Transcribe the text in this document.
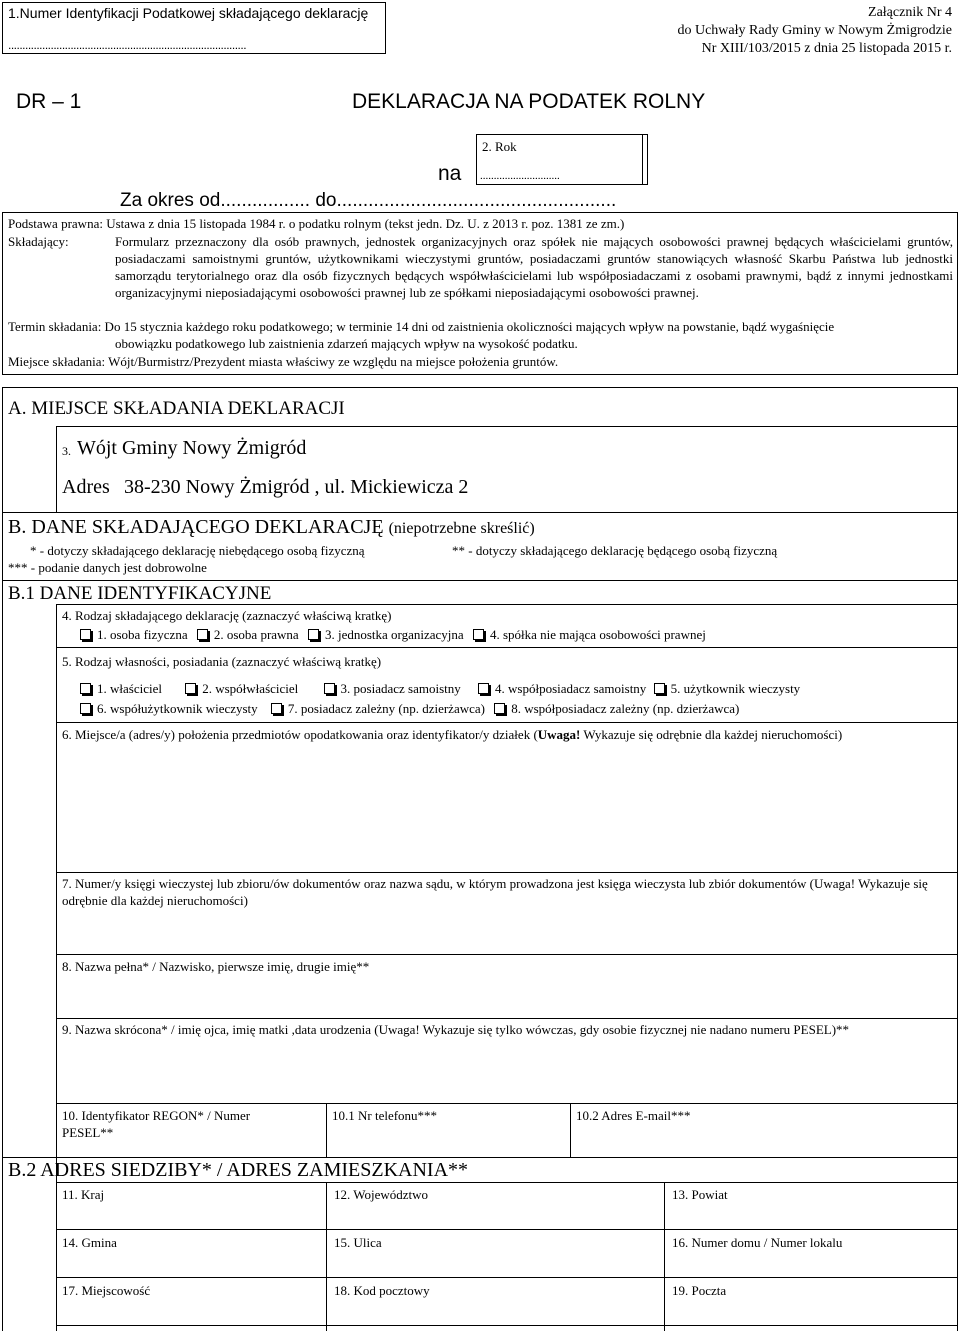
1.Numer Identyfikacji Podatkowej składającego deklarację
....................................................................................
Załącznik Nr 4
do Uchwały Rady Gminy w Nowym Żmigrodzie
Nr XIII/103/2015 z dnia 25 listopada 2015 r.
DR – 1	DEKLARACJA NA PODATEK ROLNY
2. Rok
.............................
na
Za okres od................. do.....................................................
Podstawa prawna: Ustawa z dnia 15 listopada 1984 r. o podatku rolnym (tekst jedn. Dz. U. z 2013 r. poz. 1381 ze zm.)
Składający:	Formularz przeznaczony dla osób prawnych, jednostek organizacyjnych oraz spółek nie mających osobowości prawnej będących właścicielami gruntów, posiadaczami samoistnymi gruntów, użytkownikami wieczystymi gruntów, posiadaczami gruntów stanowiących własność Skarbu Państwa lub jednostki samorządu terytorialnego oraz dla osób fizycznych będących współwłaścicielami lub współposiadaczami z osobami prawnymi, bądź z innymi jednostkami organizacyjnymi nieposiadającymi osobowości prawnej lub ze spółkami nieposiadającymi osobowości prawnej.
Termin składania: Do 15 stycznia każdego roku podatkowego; w terminie 14 dni od zaistnienia okoliczności mających wpływ na powstanie, bądź wygaśnięcie
obowiązku podatkowego lub zaistnienia zdarzeń mających wpływ na wysokość podatku.
Miejsce składania: Wójt/Burmistrz/Prezydent miasta właściwy ze względu na miejsce położenia gruntów.
A. MIEJSCE SKŁADANIA DEKLARACJI
3. Wójt Gminy Nowy Żmigród
Adres 38-230 Nowy Żmigród , ul. Mickiewicza 2
B. DANE SKŁADAJĄCEGO DEKLARACJĘ (niepotrzebne skreślić)
* - dotyczy składającego deklarację niebędącego osobą fizyczną	** - dotyczy składającego deklarację będącego osobą fizyczną
*** - podanie danych jest dobrowolne
B.1 DANE IDENTYFIKACYJNE
4. Rodzaj składającego deklarację (zaznaczyć właściwą kratkę)
1. osoba fizyczna 2. osoba prawna 3. jednostka organizacyjna 4. spółka nie mająca osobowości prawnej
5. Rodzaj własności, posiadania (zaznaczyć właściwą kratkę)
1. właściciel	2. współwłaściciel	3. posiadacz samoistny	4. współposiadacz samoistny 5. użytkownik wieczysty
6. współużytkownik wieczysty 7. posiadacz zależny (np. dzierżawca) 8. współposiadacz zależny (np. dzierżawca)
6. Miejsce/a (adres/y) położenia przedmiotów opodatkowania oraz identyfikator/y działek (Uwaga! Wykazuje się odrębnie dla każdej nieruchomości)
7. Numer/y księgi wieczystej lub zbioru/ów dokumentów oraz nazwa sądu, w którym prowadzona jest księga wieczysta lub zbiór dokumentów (Uwaga! Wykazuje się odrębnie dla każdej nieruchomości)
8. Nazwa pełna* / Nazwisko, pierwsze imię, drugie imię**
9. Nazwa skrócona* / imię ojca, imię matki ,data urodzenia (Uwaga! Wykazuje się tylko wówczas, gdy osobie fizycznej nie nadano numeru PESEL)**
10. Identyfikator REGON* / Numer PESEL**
10.1 Nr telefonu***	10.2 Adres E-mail***
B.2 ADRES SIEDZIBY* / ADRES ZAMIESZKANIA**
11. Kraj	12. Województwo	13. Powiat
14. Gmina	15. Ulica	16. Numer domu / Numer lokalu
17. Miejscowość	18. Kod pocztowy	19. Poczta
